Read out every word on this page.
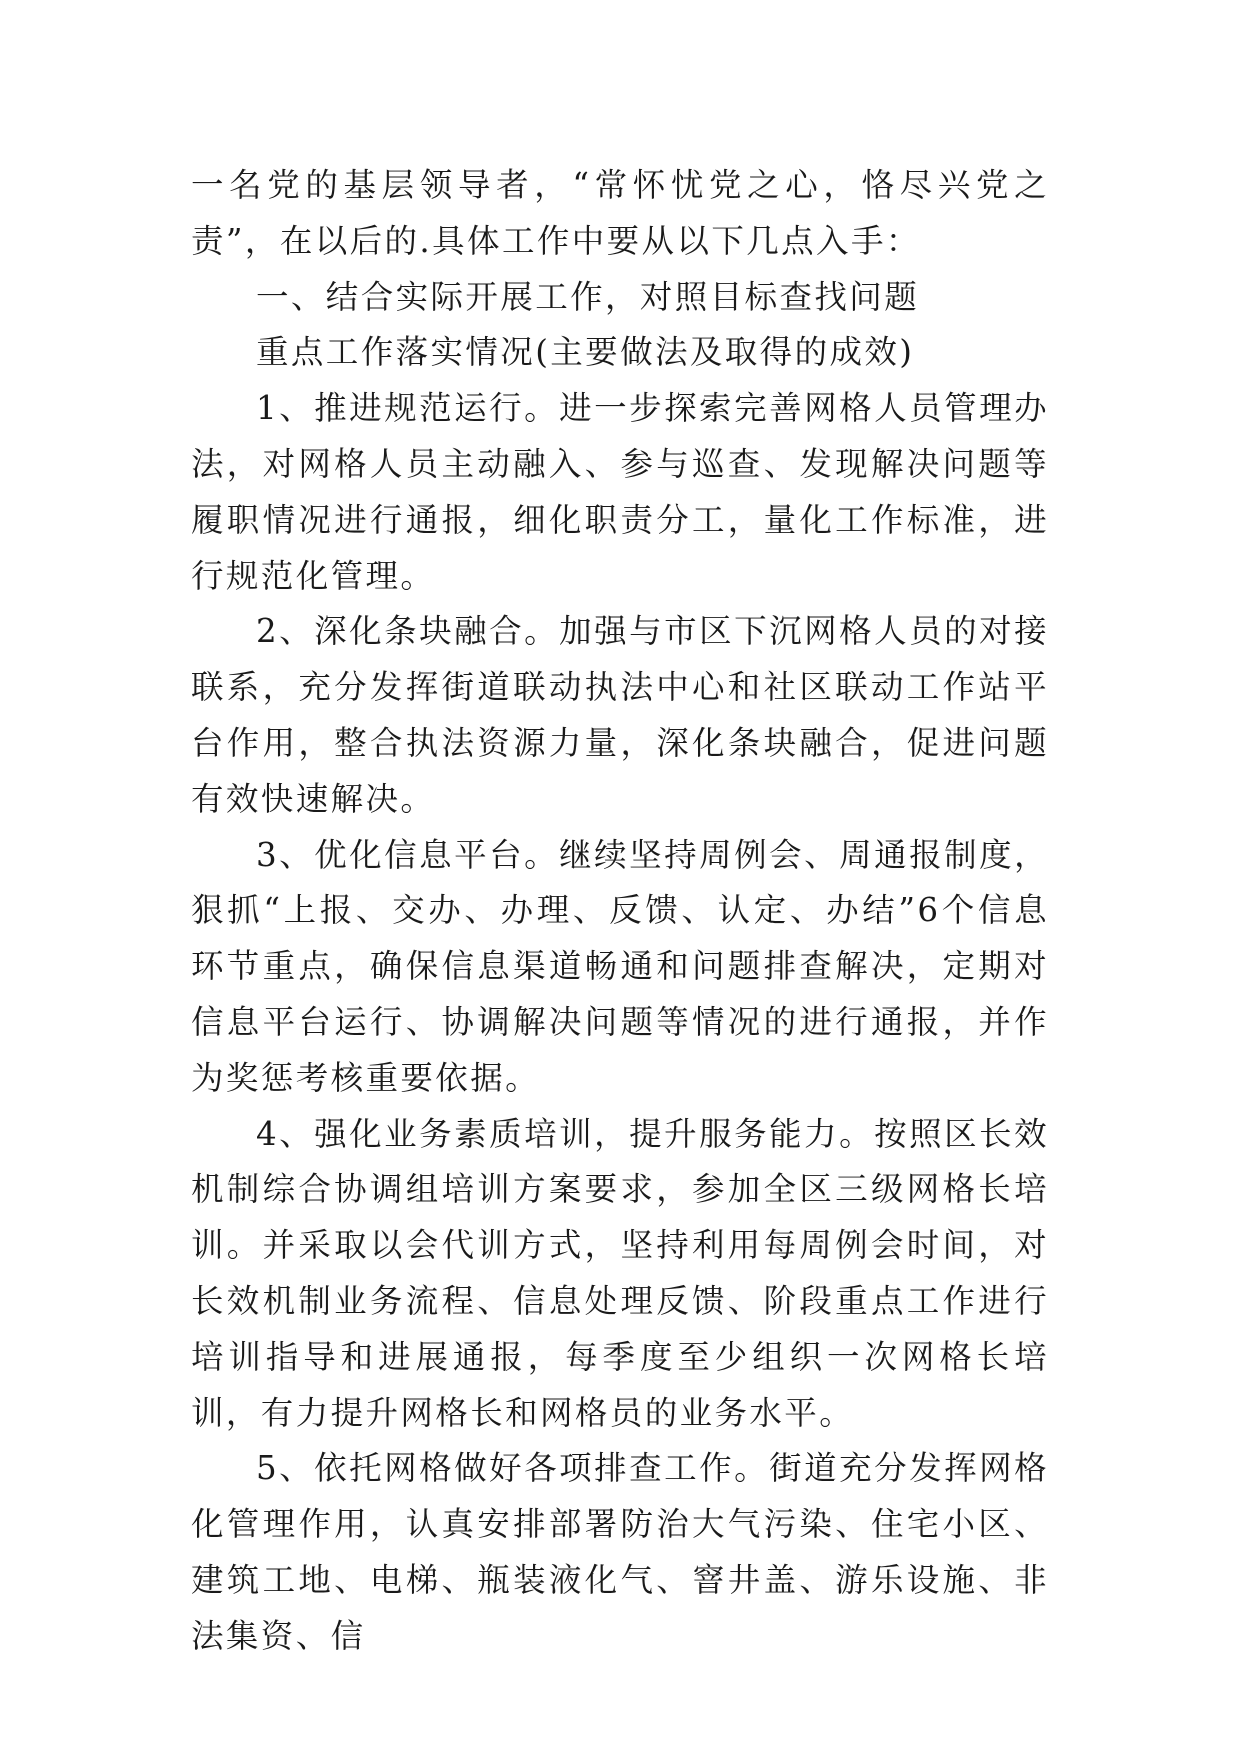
一名党的基层领导者，“常怀忧党之心，恪尽兴党之责”，在以后的.具体工作中要从以下几点入手：

一、结合实际开展工作，对照目标查找问题

重点工作落实情况(主要做法及取得的成效)

1、推进规范运行。进一步探索完善网格人员管理办法，对网格人员主动融入、参与巡查、发现解决问题等履职情况进行通报，细化职责分工，量化工作标准，进行规范化管理。

2、深化条块融合。加强与市区下沉网格人员的对接联系，充分发挥街道联动执法中心和社区联动工作站平台作用，整合执法资源力量，深化条块融合，促进问题有效快速解决。

3、优化信息平台。继续坚持周例会、周通报制度，狠抓“上报、交办、办理、反馈、认定、办结”6个信息环节重点，确保信息渠道畅通和问题排查解决，定期对信息平台运行、协调解决问题等情况的进行通报，并作为奖惩考核重要依据。

4、强化业务素质培训，提升服务能力。按照区长效机制综合协调组培训方案要求，参加全区三级网格长培训。并采取以会代训方式，坚持利用每周例会时间，对长效机制业务流程、信息处理反馈、阶段重点工作进行培训指导和进展通报，每季度至少组织一次网格长培训，有力提升网格长和网格员的业务水平。

5、依托网格做好各项排查工作。街道充分发挥网格化管理作用，认真安排部署防治大气污染、住宅小区、建筑工地、电梯、瓶装液化气、窨井盖、游乐设施、非法集资、信
